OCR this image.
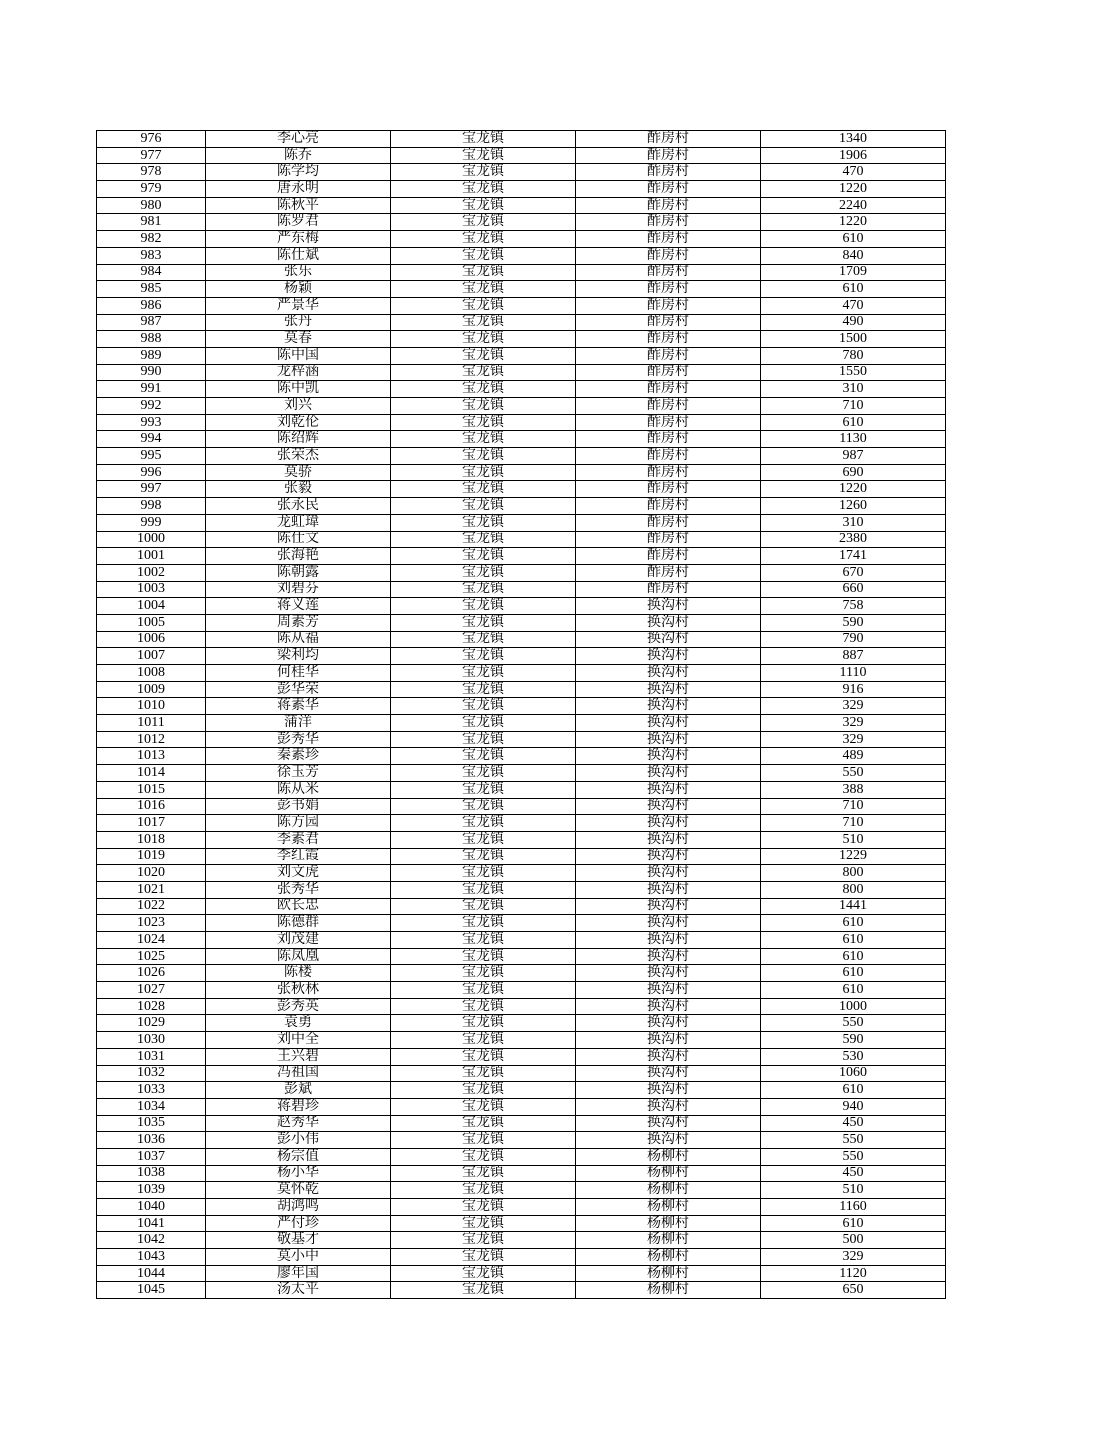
976	李心亮	宝龙镇	酢房村	1340
977	陈乔	宝龙镇	酢房村	1906
978	陈学均	宝龙镇	酢房村	470
979	唐永明	宝龙镇	酢房村	1220
980	陈秋平	宝龙镇	酢房村	2240
981	陈罗君	宝龙镇	酢房村	1220
982	严东梅	宝龙镇	酢房村	610
983	陈仕斌	宝龙镇	酢房村	840
984	张乐	宝龙镇	酢房村	1709
985	杨颖	宝龙镇	酢房村	610
986	严景华	宝龙镇	酢房村	470
987	张丹	宝龙镇	酢房村	490
988	莫春	宝龙镇	酢房村	1500
989	陈中国	宝龙镇	酢房村	780
990	龙梓涵	宝龙镇	酢房村	1550
991	陈中凯	宝龙镇	酢房村	310
992	刘兴	宝龙镇	酢房村	710
993	刘乾伦	宝龙镇	酢房村	610
994	陈绍辉	宝龙镇	酢房村	1130
995	张荣杰	宝龙镇	酢房村	987
996	莫骄	宝龙镇	酢房村	690
997	张毅	宝龙镇	酢房村	1220
998	张永民	宝龙镇	酢房村	1260
999	龙虹瑋	宝龙镇	酢房村	310
1000	陈仕文	宝龙镇	酢房村	2380
1001	张海艳	宝龙镇	酢房村	1741
1002	陈朝露	宝龙镇	酢房村	670
1003	刘碧芬	宝龙镇	酢房村	660
1004	蒋义莲	宝龙镇	换沟村	758
1005	周素芳	宝龙镇	换沟村	590
1006	陈从福	宝龙镇	换沟村	790
1007	梁利均	宝龙镇	换沟村	887
1008	何桂华	宝龙镇	换沟村	1110
1009	彭华荣	宝龙镇	换沟村	916
1010	蒋素华	宝龙镇	换沟村	329
1011	蒲洋	宝龙镇	换沟村	329
1012	彭秀华	宝龙镇	换沟村	329
1013	秦素珍	宝龙镇	换沟村	489
1014	徐玉芳	宝龙镇	换沟村	550
1015	陈从米	宝龙镇	换沟村	388
1016	彭书娟	宝龙镇	换沟村	710
1017	陈方园	宝龙镇	换沟村	710
1018	李素君	宝龙镇	换沟村	510
1019	李红霞	宝龙镇	换沟村	1229
1020	刘文虎	宝龙镇	换沟村	800
1021	张秀华	宝龙镇	换沟村	800
1022	欧长忠	宝龙镇	换沟村	1441
1023	陈德群	宝龙镇	换沟村	610
1024	刘茂建	宝龙镇	换沟村	610
1025	陈凤凰	宝龙镇	换沟村	610
1026	陈楼	宝龙镇	换沟村	610
1027	张秋林	宝龙镇	换沟村	610
1028	彭秀英	宝龙镇	换沟村	1000
1029	袁勇	宝龙镇	换沟村	550
1030	刘中全	宝龙镇	换沟村	590
1031	王兴碧	宝龙镇	换沟村	530
1032	冯祖国	宝龙镇	换沟村	1060
1033	彭斌	宝龙镇	换沟村	610
1034	蒋碧珍	宝龙镇	换沟村	940
1035	赵秀华	宝龙镇	换沟村	450
1036	彭小伟	宝龙镇	换沟村	550
1037	杨宗值	宝龙镇	杨柳村	550
1038	杨小华	宝龙镇	杨柳村	450
1039	莫怀乾	宝龙镇	杨柳村	510
1040	胡鸿鸣	宝龙镇	杨柳村	1160
1041	严付珍	宝龙镇	杨柳村	610
1042	敬基才	宝龙镇	杨柳村	500
1043	莫小中	宝龙镇	杨柳村	329
1044	廖年国	宝龙镇	杨柳村	1120
1045	汤太平	宝龙镇	杨柳村	650
